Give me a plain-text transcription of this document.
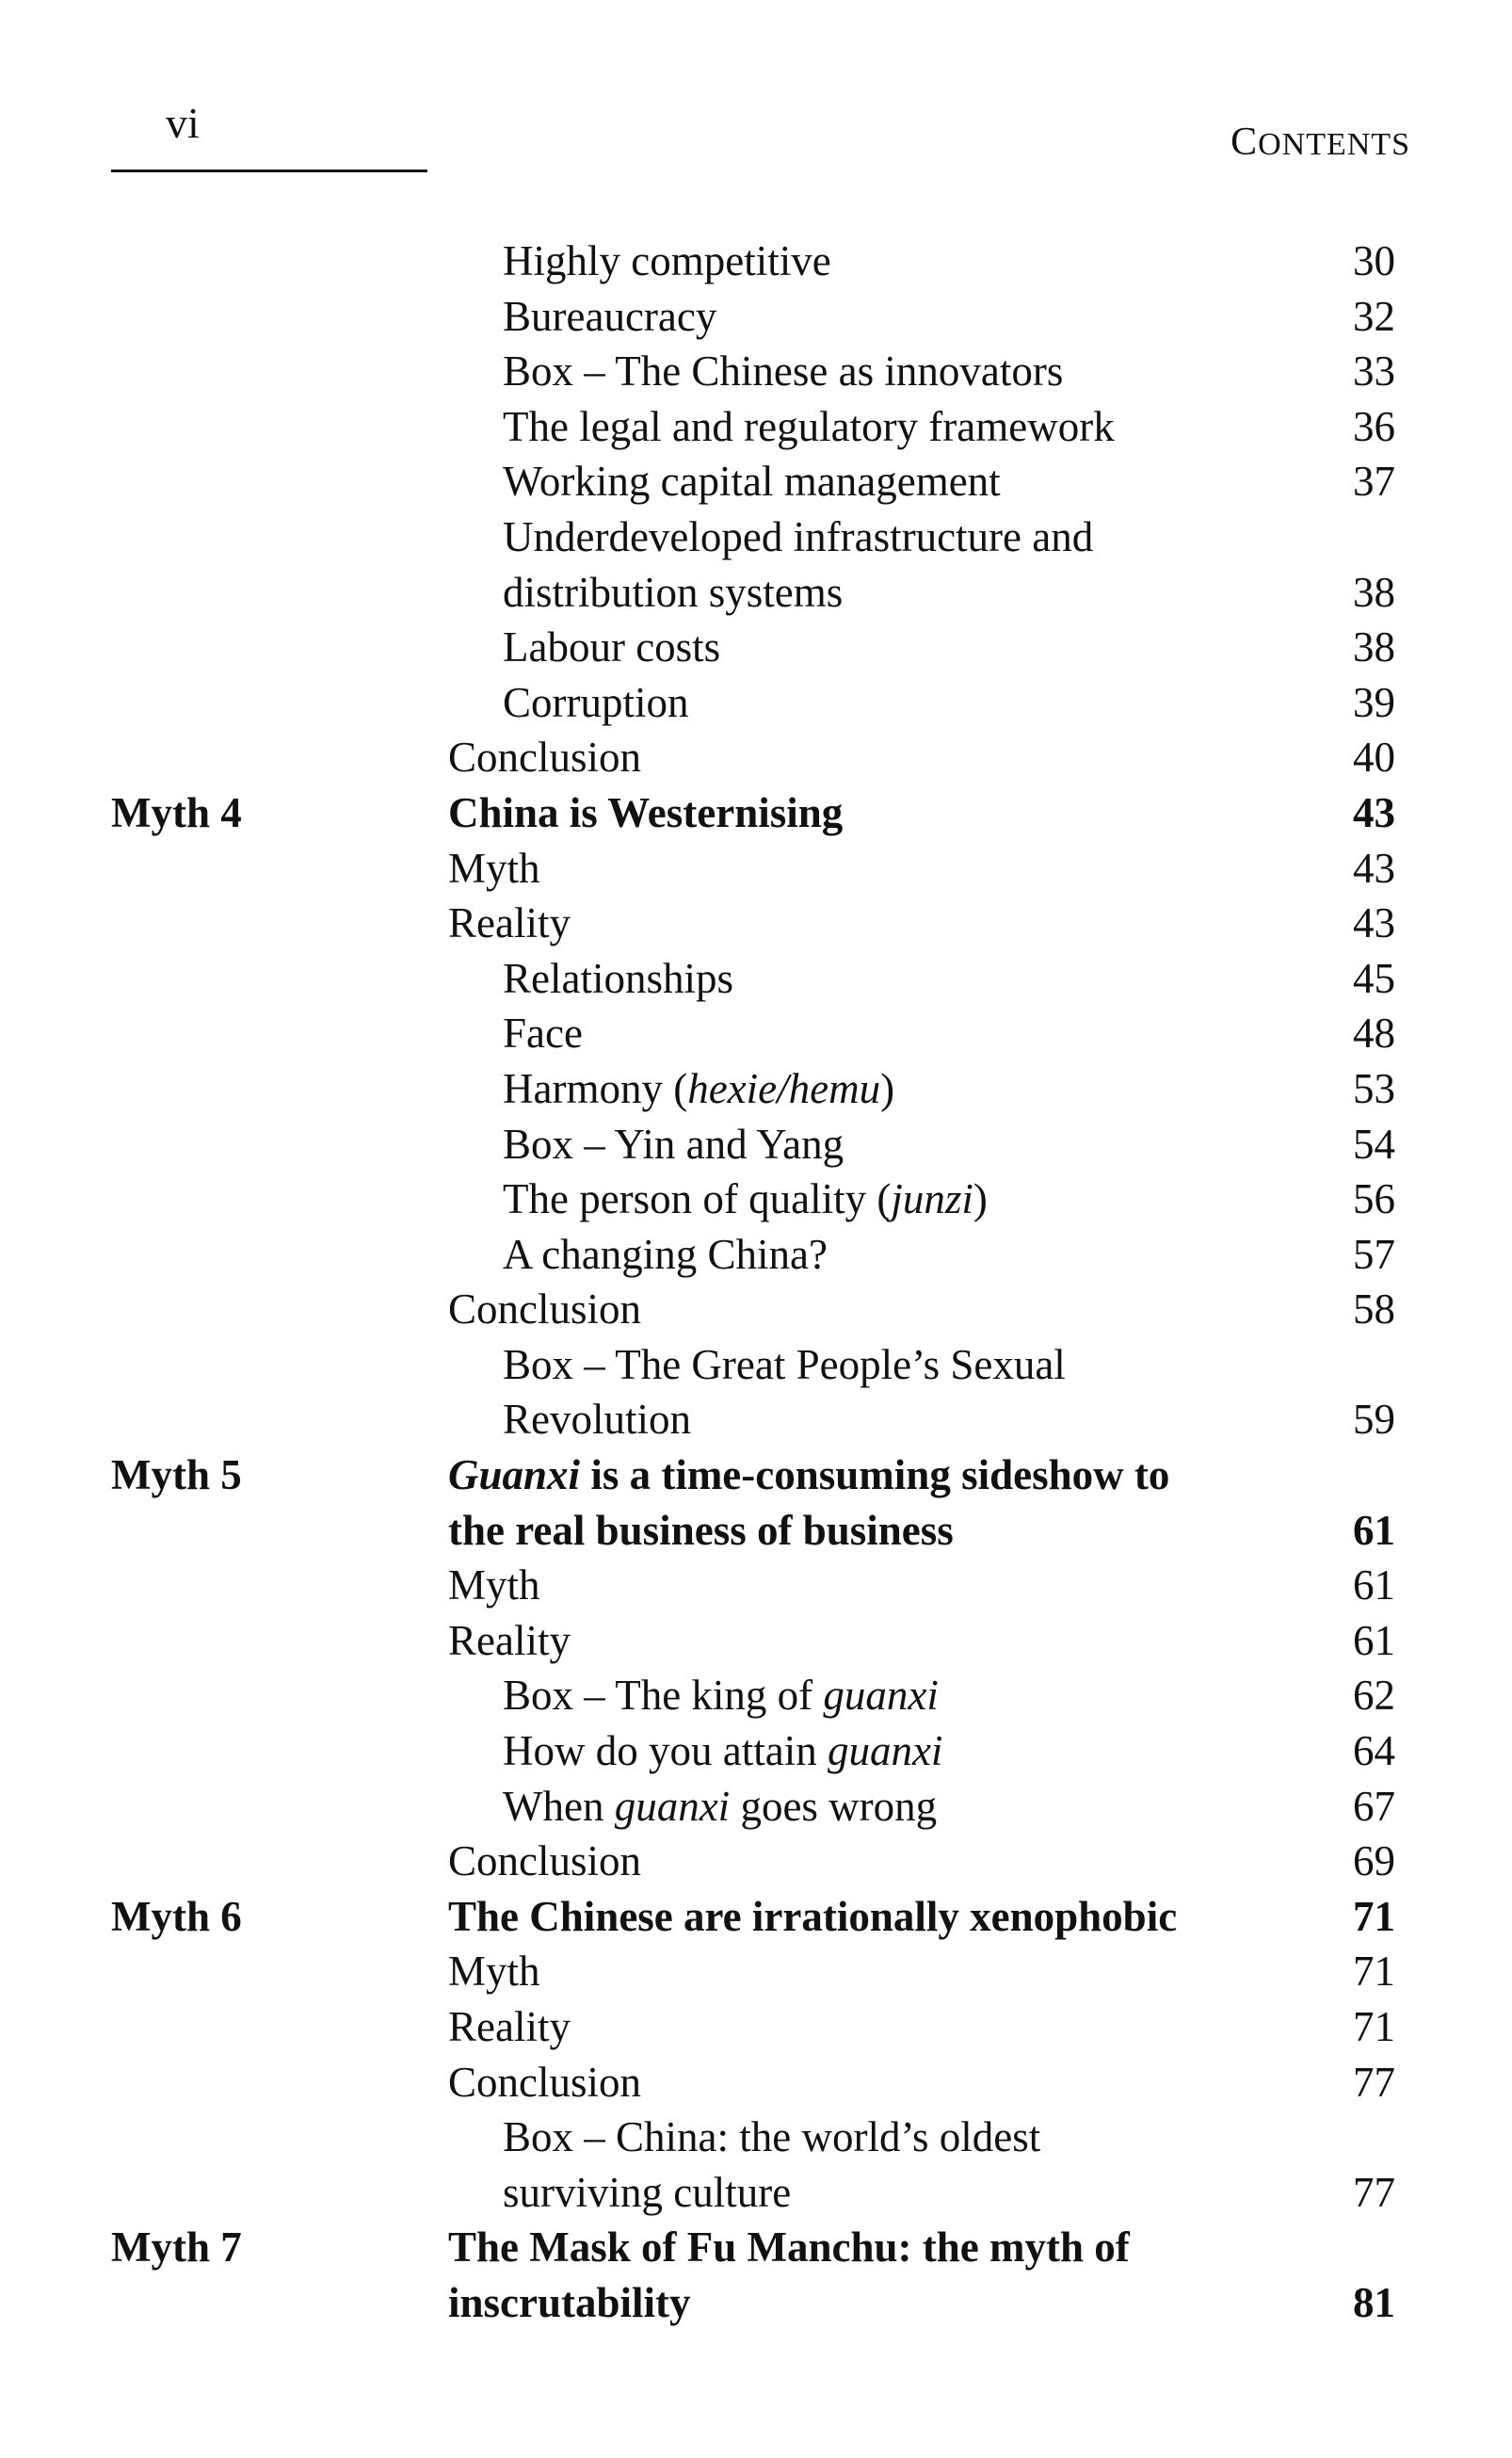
vi	CONTENTS
Highly competitive	30
Bureaucracy	32
Box – The Chinese as innovators	33
The legal and regulatory framework	36
Working capital management	37
Underdeveloped infrastructure and
distribution systems	38
Labour costs	38
Corruption	39
Conclusion	40
Myth 4	China is Westernising	43
Myth	43
Reality	43
Relationships	45
Face	48
Harmony (hexie/hemu)	53
Box – Yin and Yang	54
The person of quality (junzi)	56
A changing China?	57
Conclusion	58
Box – The Great People’s Sexual
Revolution	59
Myth 5	Guanxi is a time-consuming sideshow to
the real business of business	61
Myth	61
Reality	61
Box – The king of guanxi	62
How do you attain guanxi	64
When guanxi goes wrong	67
Conclusion	69
Myth 6	The Chinese are irrationally xenophobic	71
Myth	71
Reality	71
Conclusion	77
Box – China: the world’s oldest
surviving culture	77
Myth 7	The Mask of Fu Manchu: the myth of
inscrutability	81
